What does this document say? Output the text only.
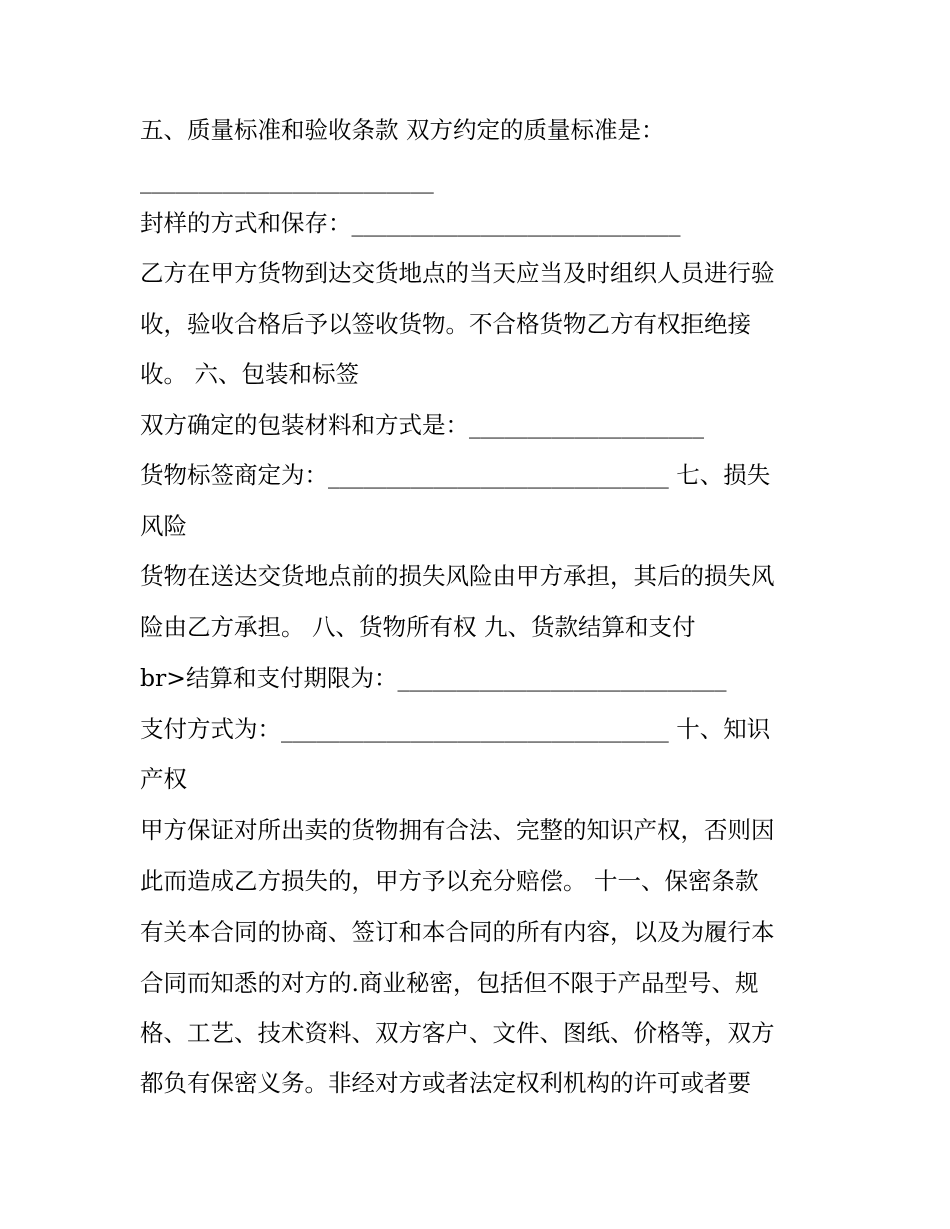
五、质量标准和验收条款 双方约定的质量标准是：
_________________________
封样的方式和保存：____________________________
乙方在甲方货物到达交货地点的当天应当及时组织人员进行验
收，验收合格后予以签收货物。不合格货物乙方有权拒绝接
收。 六、包装和标签
双方确定的包装材料和方式是：____________________
货物标签商定为：_____________________________ 七、损失
风险
货物在送达交货地点前的损失风险由甲方承担，其后的损失风
险由乙方承担。 八、货物所有权 九、货款结算和支付
br>结算和支付期限为：____________________________
支付方式为：_________________________________ 十、知识
产权
甲方保证对所出卖的货物拥有合法、完整的知识产权，否则因
此而造成乙方损失的，甲方予以充分赔偿。 十一、保密条款
有关本合同的协商、签订和本合同的所有内容，以及为履行本
合同而知悉的对方的.商业秘密，包括但不限于产品型号、规
格、工艺、技术资料、双方客户、文件、图纸、价格等，双方
都负有保密义务。非经对方或者法定权利机构的许可或者要
